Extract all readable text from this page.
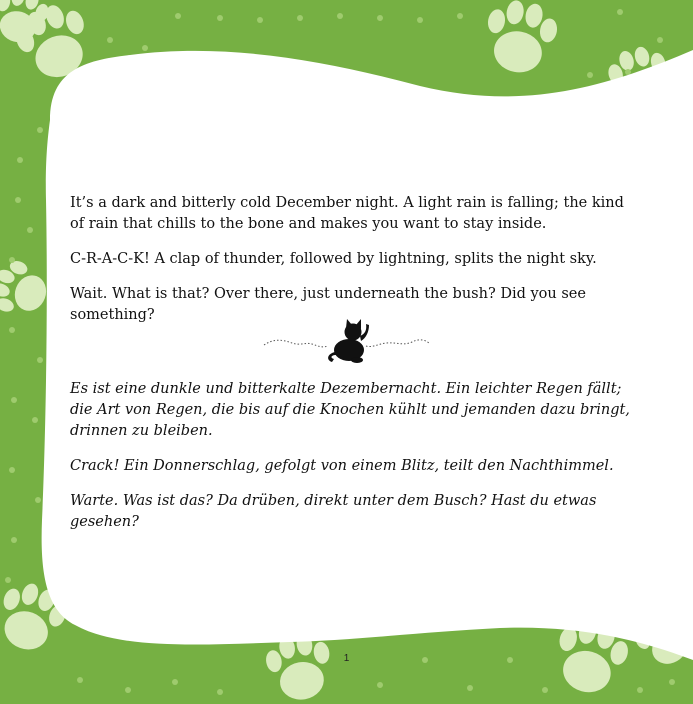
It’s a dark and bitterly cold December night. A light rain is falling; the kind of rain that chills to the bone and makes you want to stay inside.

C-R-A-C-K! A clap of thunder, followed by lightning, splits the night sky.

Wait. What is that? Over there, just underneath the bush? Did you see something?

Es ist eine dunkle und bitterkalte Dezembernacht. Ein leichter Regen fällt; die Art von Regen, die bis auf die Knochen kühlt und jemanden dazu bringt, drinnen zu bleiben.

Crack! Ein Donnerschlag, gefolgt von einem Blitz, teilt den Nachthimmel.

Warte. Was ist das? Da drüben, direkt unter dem Busch? Hast du etwas gesehen?

1
